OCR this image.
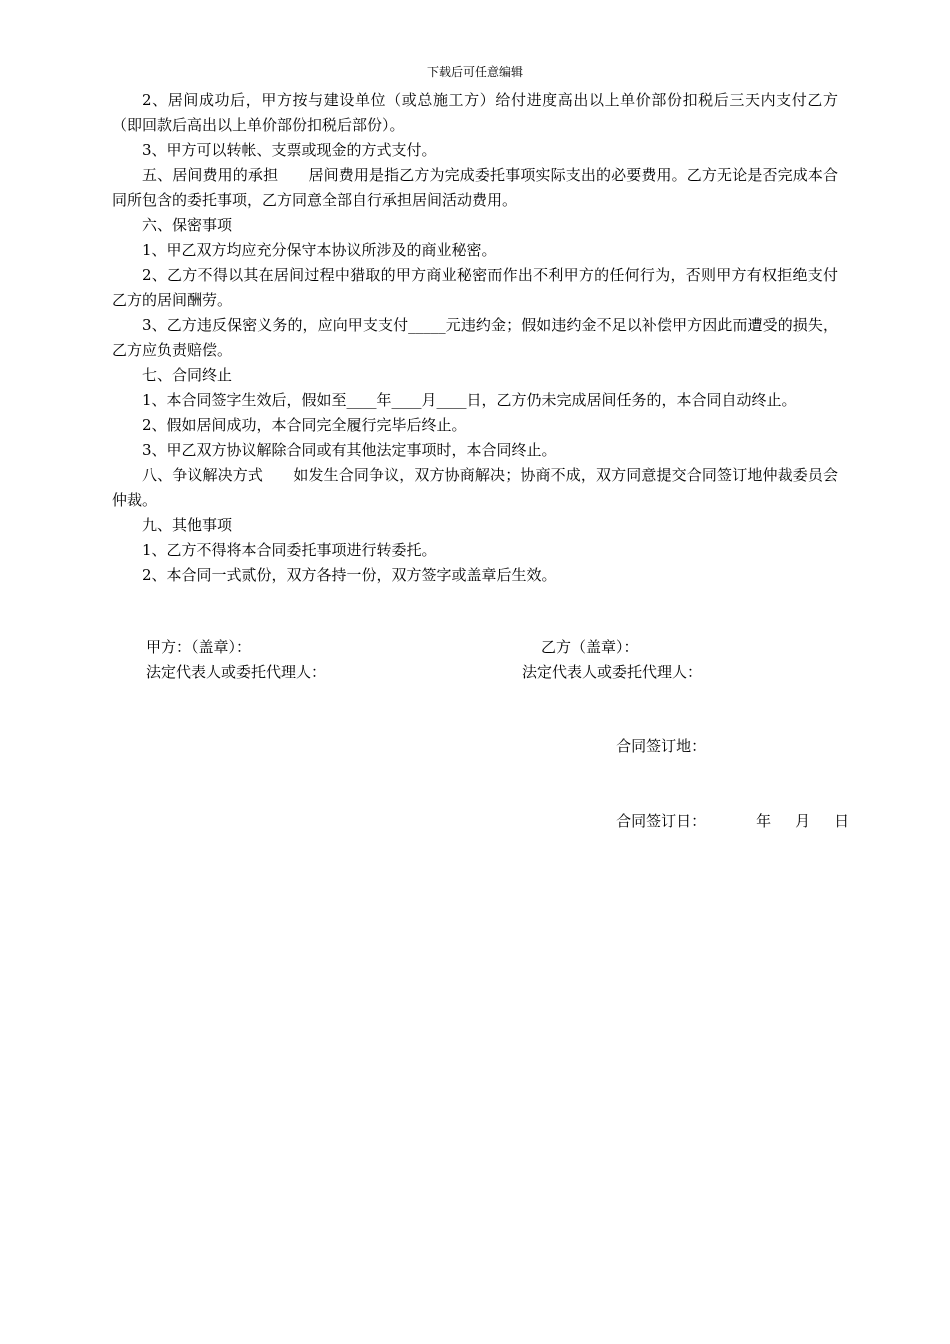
下载后可任意编辑

2、居间成功后，甲方按与建设单位（或总施工方）给付进度高出以上单价部份扣税后三天内支付乙方（即回款后高出以上单价部份扣税后部份）。

3、甲方可以转帐、支票或现金的方式支付。

五、居间费用的承担　　居间费用是指乙方为完成委托事项实际支出的必要费用。乙方无论是否完成本合同所包含的委托事项，乙方同意全部自行承担居间活动费用。

六、保密事项

1、甲乙双方均应充分保守本协议所涉及的商业秘密。

2、乙方不得以其在居间过程中猎取的甲方商业秘密而作出不利甲方的任何行为，否则甲方有权拒绝支付乙方的居间酬劳。

3、乙方违反保密义务的，应向甲支支付_____元违约金；假如违约金不足以补偿甲方因此而遭受的损失，乙方应负责赔偿。

七、合同终止

1、本合同签字生效后，假如至____年____月____日，乙方仍未完成居间任务的，本合同自动终止。

2、假如居间成功，本合同完全履行完毕后终止。

3、甲乙双方协议解除合同或有其他法定事项时，本合同终止。

八、争议解决方式　　如发生合同争议，双方协商解决；协商不成，双方同意提交合同签订地仲裁委员会仲裁。

九、其他事项

1、乙方不得将本合同委托事项进行转委托。

2、本合同一式贰份，双方各持一份，双方签字或盖章后生效。

甲方：（盖章）：	乙方（盖章）：
法定代表人或委托代理人：	法定代表人或委托代理人：

合同签订地：

合同签订日：	年 月 日
